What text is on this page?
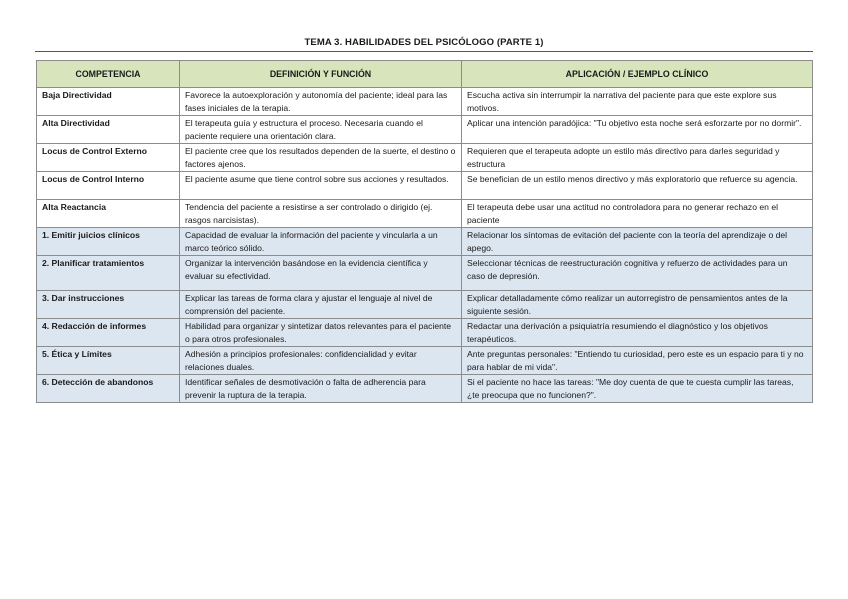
TEMA 3. HABILIDADES DEL PSICÓLOGO (PARTE 1)
COMPETENCIA	DEFINICIÓN Y FUNCIÓN	APLICACIÓN / EJEMPLO CLÍNICO
Baja Directividad	Favorece la autoexploración y autonomía del paciente; ideal para las fases iniciales de la terapia.	Escucha activa sin interrumpir la narrativa del paciente para que este explore sus motivos.
Alta Directividad	El terapeuta guía y estructura el proceso. Necesaria cuando el paciente requiere una orientación clara.	Aplicar una intención paradójica: "Tu objetivo esta noche será esforzarte por no dormir".
Locus de Control Externo	El paciente cree que los resultados dependen de la suerte, el destino o factores ajenos.	Requieren que el terapeuta adopte un estilo más directivo para darles seguridad y estructura
Locus de Control Interno	El paciente asume que tiene control sobre sus acciones y resultados.	Se benefician de un estilo menos directivo y más exploratorio que refuerce su agencia.
Alta Reactancia	Tendencia del paciente a resistirse a ser controlado o dirigido (ej. rasgos narcisistas).	El terapeuta debe usar una actitud no controladora para no generar rechazo en el paciente
1. Emitir juicios clínicos	Capacidad de evaluar la información del paciente y vincularla a un marco teórico sólido.	Relacionar los síntomas de evitación del paciente con la teoría del aprendizaje o del apego.
2. Planificar tratamientos	Organizar la intervención basándose en la evidencia científica y evaluar su efectividad.	Seleccionar técnicas de reestructuración cognitiva y refuerzo de actividades para un caso de depresión.
3. Dar instrucciones	Explicar las tareas de forma clara y ajustar el lenguaje al nivel de comprensión del paciente.	Explicar detalladamente cómo realizar un autorregistro de pensamientos antes de la siguiente sesión.
4. Redacción de informes	Habilidad para organizar y sintetizar datos relevantes para el paciente o para otros profesionales.	Redactar una derivación a psiquiatría resumiendo el diagnóstico y los objetivos terapéuticos.
5. Ética y Límites	Adhesión a principios profesionales: confidencialidad y evitar relaciones duales.	Ante preguntas personales: "Entiendo tu curiosidad, pero este es un espacio para ti y no para hablar de mi vida".
6. Detección de abandonos	Identificar señales de desmotivación o falta de adherencia para prevenir la ruptura de la terapia.	Si el paciente no hace las tareas: "Me doy cuenta de que te cuesta cumplir las tareas, ¿te preocupa que no funcionen?".
